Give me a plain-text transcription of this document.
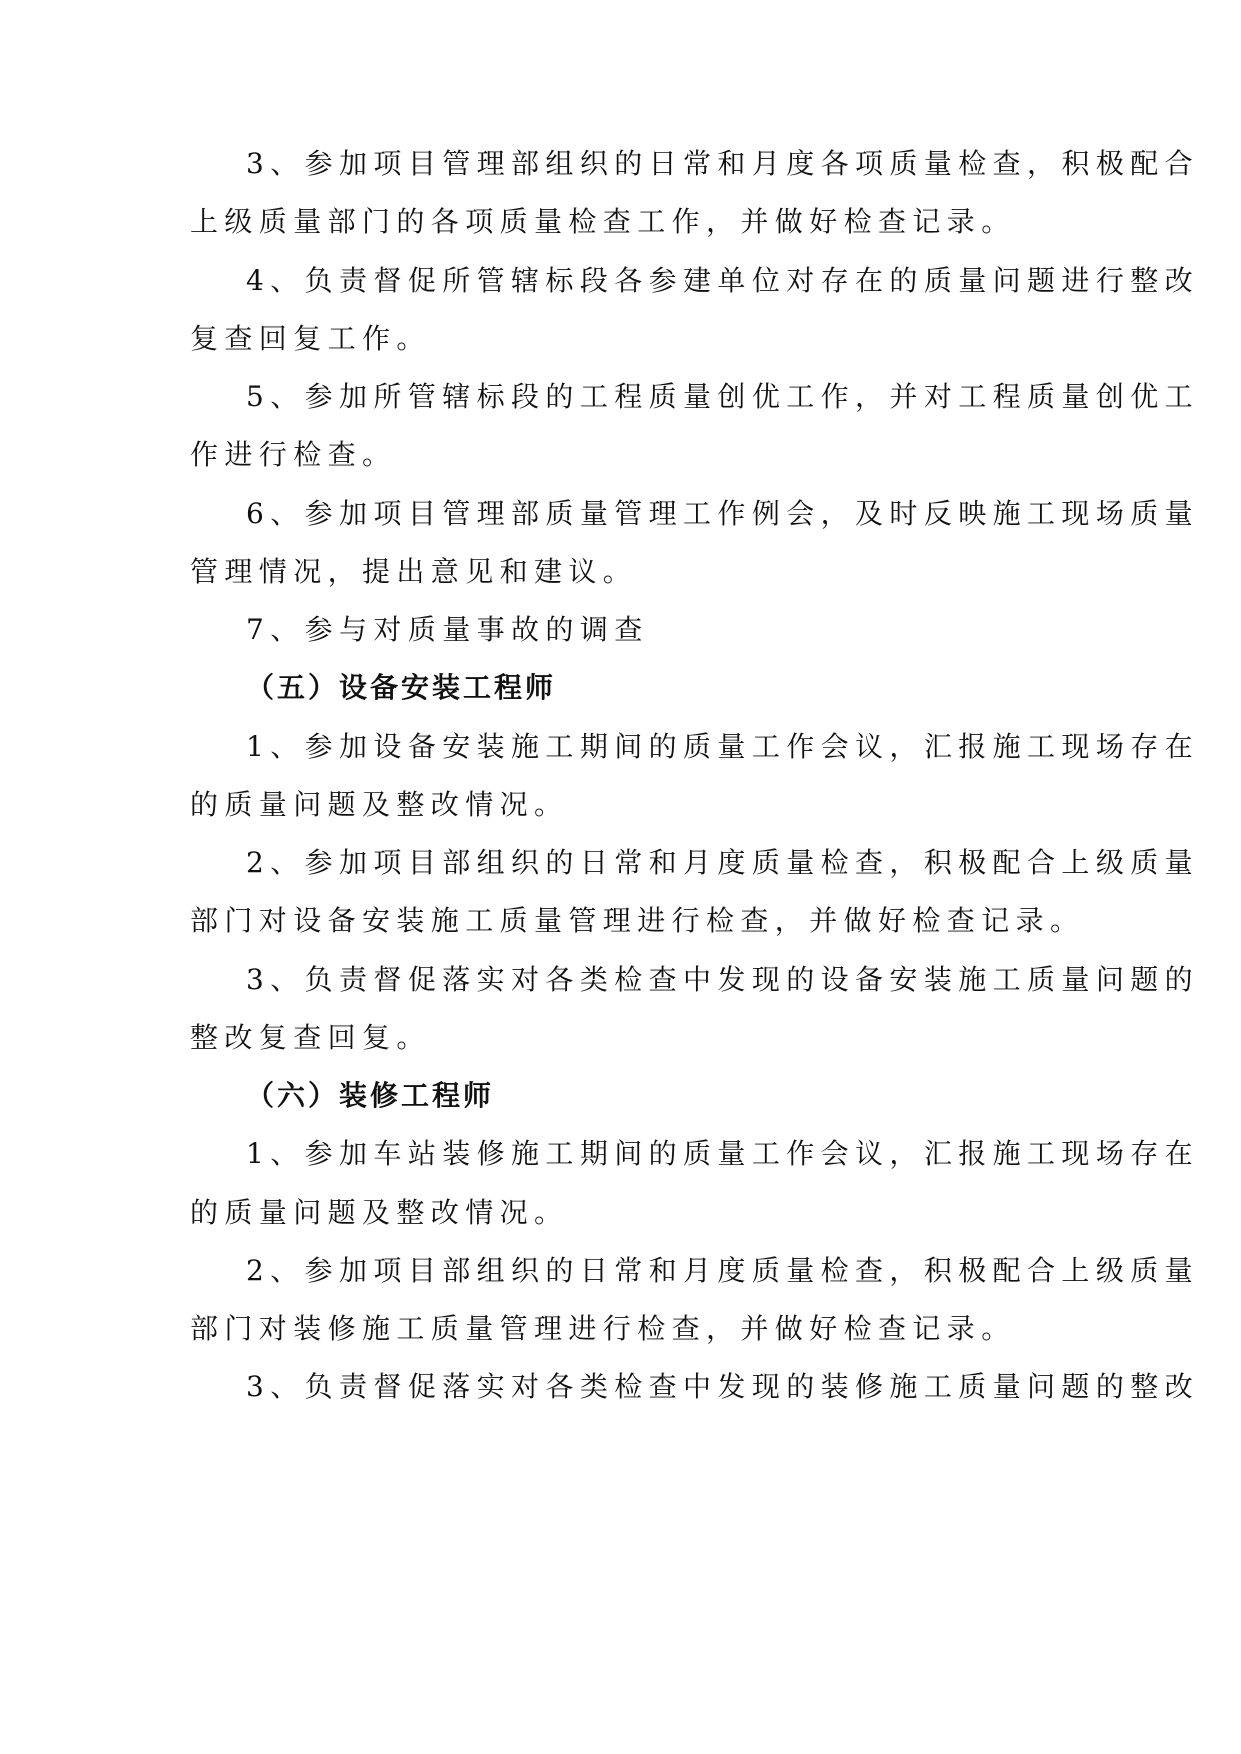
3、参加项目管理部组织的日常和月度各项质量检查，积极配合
上级质量部门的各项质量检查工作，并做好检查记录。
4、负责督促所管辖标段各参建单位对存在的质量问题进行整改
复查回复工作。
5、参加所管辖标段的工程质量创优工作，并对工程质量创优工
作进行检查。
6、参加项目管理部质量管理工作例会，及时反映施工现场质量
管理情况，提出意见和建议。
7、参与对质量事故的调查
（五）设备安装工程师
1、参加设备安装施工期间的质量工作会议，汇报施工现场存在
的质量问题及整改情况。
2、参加项目部组织的日常和月度质量检查，积极配合上级质量
部门对设备安装施工质量管理进行检查，并做好检查记录。
3、负责督促落实对各类检查中发现的设备安装施工质量问题的
整改复查回复。
（六）装修工程师
1、参加车站装修施工期间的质量工作会议，汇报施工现场存在
的质量问题及整改情况。
2、参加项目部组织的日常和月度质量检查，积极配合上级质量
部门对装修施工质量管理进行检查，并做好检查记录。
3、负责督促落实对各类检查中发现的装修施工质量问题的整改
